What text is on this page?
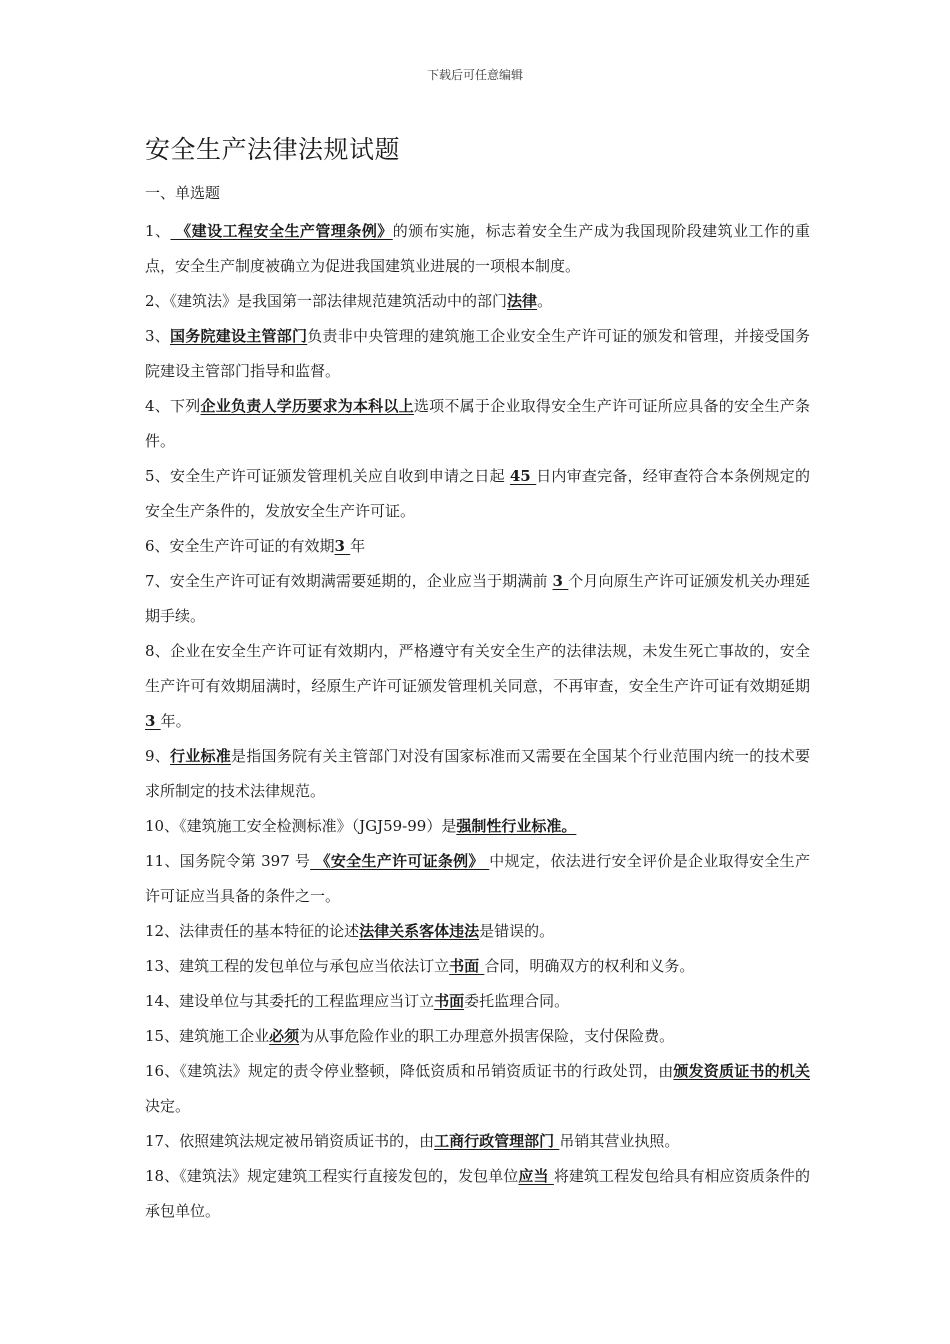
下载后可任意编辑
安全生产法律法规试题

一、单选题

1、 《建设工程安全生产管理条例》的颁布实施，标志着安全生产成为我国现阶段建筑业工作的重点，安全生产制度被确立为促进我国建筑业进展的一项根本制度。

2、《建筑法》是我国第一部法律规范建筑活动中的部门法律。

3、国务院建设主管部门负责非中央管理的建筑施工企业安全生产许可证的颁发和管理，并接受国务院建设主管部门指导和监督。

4、下列企业负责人学历要求为本科以上选项不属于企业取得安全生产许可证所应具备的安全生产条件。

5、安全生产许可证颁发管理机关应自收到申请之日起 45 日内审查完备，经审查符合本条例规定的安全生产条件的，发放安全生产许可证。

6、安全生产许可证的有效期3 年

7、安全生产许可证有效期满需要延期的，企业应当于期满前 3 个月向原生产许可证颁发机关办理延期手续。

8、企业在安全生产许可证有效期内，严格遵守有关安全生产的法律法规，未发生死亡事故的，安全生产许可有效期届满时，经原生产许可证颁发管理机关同意，不再审查，安全生产许可证有效期延期3 年。

9、行业标准是指国务院有关主管部门对没有国家标准而又需要在全国某个行业范围内统一的技术要求所制定的技术法律规范。

10、《建筑施工安全检测标准》（JGJ59-99）是强制性行业标准。

11、国务院令第 397 号 《安全生产许可证条例》 中规定，依法进行安全评价是企业取得安全生产许可证应当具备的条件之一。

12、法律责任的基本特征的论述法律关系客体违法是错误的。

13、建筑工程的发包单位与承包应当依法订立书面 合同，明确双方的权利和义务。

14、建设单位与其委托的工程监理应当订立书面委托监理合同。

15、建筑施工企业必须为从事危险作业的职工办理意外损害保险，支付保险费。

16、《建筑法》规定的责令停业整顿，降低资质和吊销资质证书的行政处罚，由颁发资质证书的机关决定。

17、依照建筑法规定被吊销资质证书的，由工商行政管理部门 吊销其营业执照。

18、《建筑法》规定建筑工程实行直接发包的，发包单位应当 将建筑工程发包给具有相应资质条件的承包单位。
